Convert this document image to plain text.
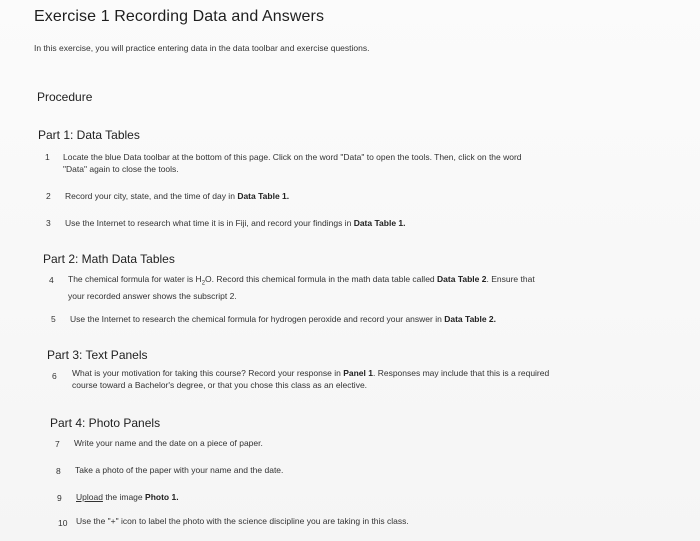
Exercise 1 Recording Data and Answers
In this exercise, you will practice entering data in the data toolbar and exercise questions.
Procedure
Part 1: Data Tables
1 Locate the blue Data toolbar at the bottom of this page. Click on the word "Data" to open the tools. Then, click on the word
"Data" again to close the tools.
2 Record your city, state, and the time of day in Data Table 1.
3 Use the Internet to research what time it is in Fiji, and record your findings in Data Table 1.
Part 2: Math Data Tables
4 The chemical formula for water is $H_2O$. Record this chemical formula in the math data table called Data Table 2. Ensure that
your recorded answer shows the subscript 2.
5 Use the Internet to research the chemical formula for hydrogen peroxide and record your answer in Data Table 2.
Part 3: Text Panels
6 What is your motivation for taking this course? Record your response in Panel 1. Responses may include that this is a required
course toward a Bachelor's degree, or that you chose this class as an elective.
Part 4: Photo Panels
7 Write your name and the date on a piece of paper.
8 Take a photo of the paper with your name and the date.
9 Upload the image Photo 1.
10 Use the "+" icon to label the photo with the science discipline you are taking in this class.
